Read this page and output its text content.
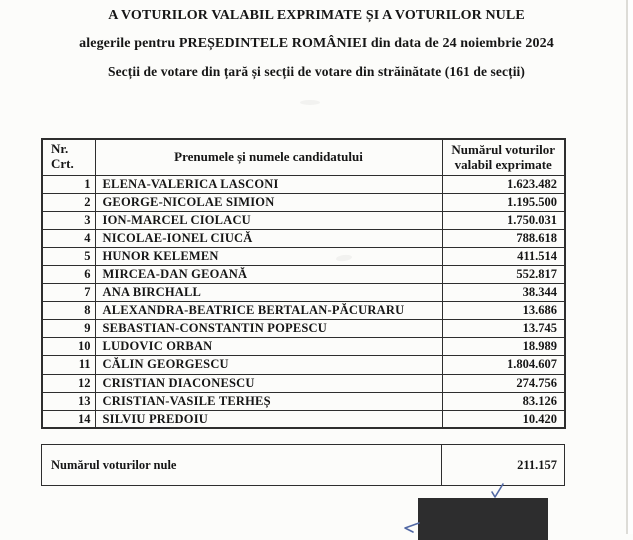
A VOTURILOR VALABIL EXPRIMATE ȘI A VOTURILOR NULE
alegerile pentru PREȘEDINTELE ROMÂNIEI din data de 24 noiembrie 2024
Secții de votare din țară și secții de votare din străinătate (161 de secții)
Nr.
Crt.	Prenumele și numele candidatului	Numărul voturilor
valabil exprimate
1	ELENA-VALERICA LASCONI	1.623.482
2	GEORGE-NICOLAE SIMION	1.195.500
3	ION-MARCEL CIOLACU	1.750.031
4	NICOLAE-IONEL CIUCĂ	788.618
5	HUNOR KELEMEN	411.514
6	MIRCEA-DAN GEOANĂ	552.817
7	ANA BIRCHALL	38.344
8	ALEXANDRA-BEATRICE BERTALAN-PĂCURARU	13.686
9	SEBASTIAN-CONSTANTIN POPESCU	13.745
10	LUDOVIC ORBAN	18.989
11	CĂLIN GEORGESCU	1.804.607
12	CRISTIAN DIACONESCU	274.756
13	CRISTIAN-VASILE TERHEȘ	83.126
14	SILVIU PREDOIU	10.420
Numărul voturilor nule	211.157
